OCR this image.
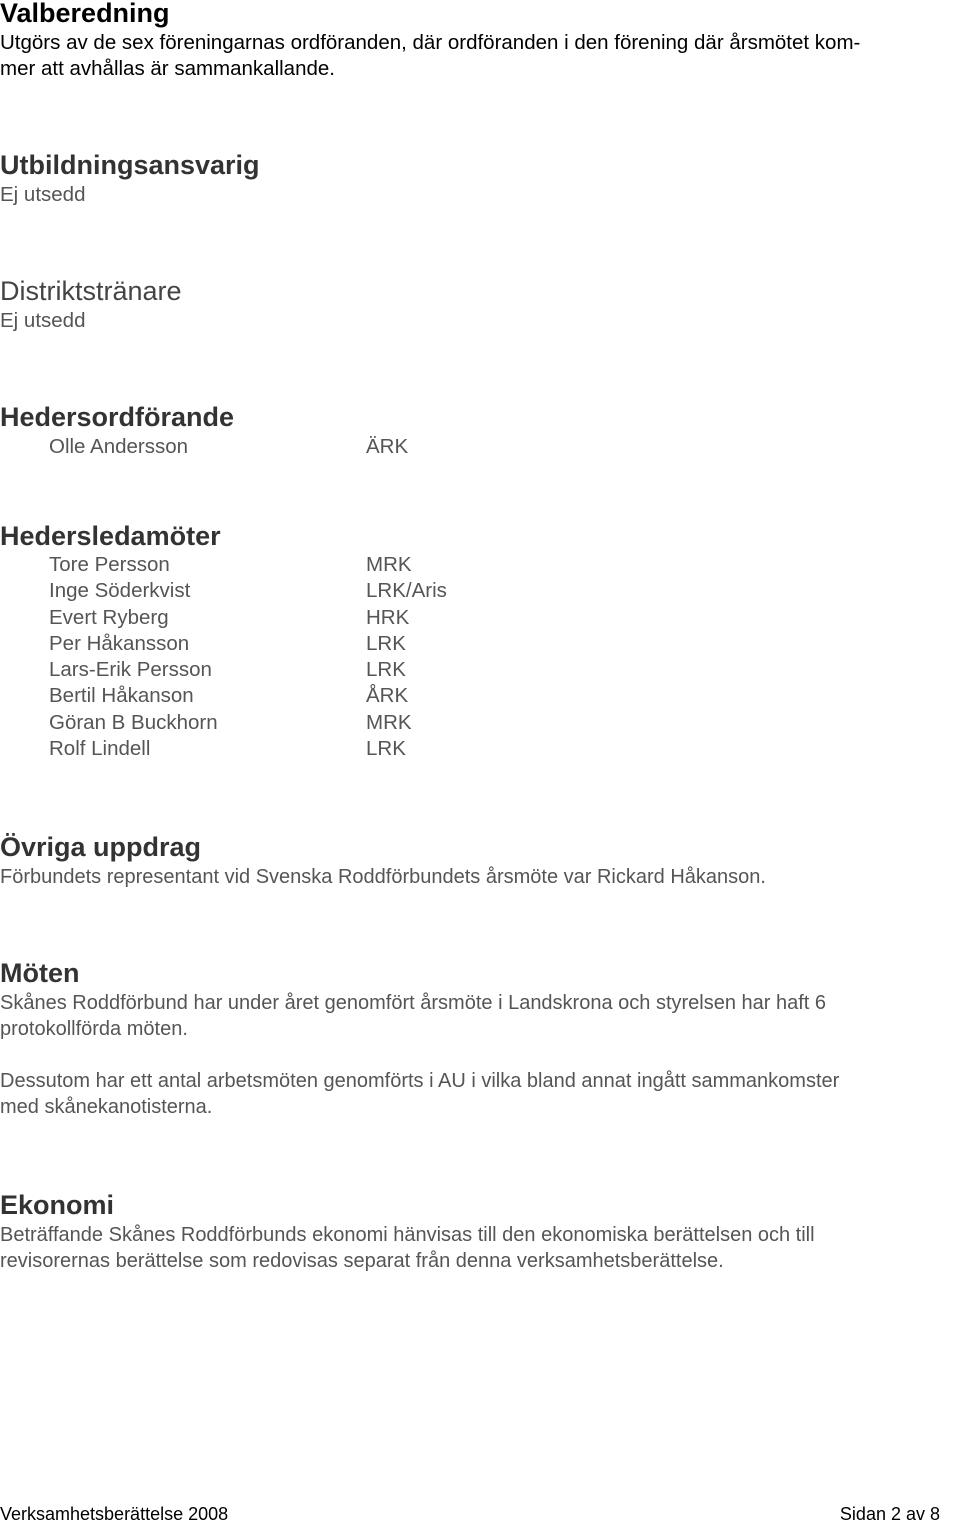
Valberedning

Utgörs av de sex föreningarnas ordföranden, där ordföranden i den förening där årsmötet kom-
mer att avhållas är sammankallande.

Utbildningsansvarig

Ej utsedd

Distriktstränare

Ej utsedd

Hedersordförande
Olle Andersson	ÄRK
Hedersledamöter
Tore Persson	MRK
Inge Söderkvist	LRK/Aris
Evert Ryberg	HRK
Per Håkansson	LRK
Lars-Erik Persson	LRK
Bertil Håkanson	ÅRK
Göran B Buckhorn	MRK
Rolf Lindell	LRK
Övriga uppdrag

Förbundets representant vid Svenska Roddförbundets årsmöte var Rickard Håkanson.

Möten

Skånes Roddförbund har under året genomfört årsmöte i Landskrona och styrelsen har haft 6
protokollförda möten.

Dessutom har ett antal arbetsmöten genomförts i AU i vilka bland annat ingått sammankomster
med skånekanotisterna.

Ekonomi

Beträffande Skånes Roddförbunds ekonomi hänvisas till den ekonomiska berättelsen och till
revisorernas berättelse som redovisas separat från denna verksamhetsberättelse.

Verksamhetsberättelse 2008	Sidan 2 av 8
